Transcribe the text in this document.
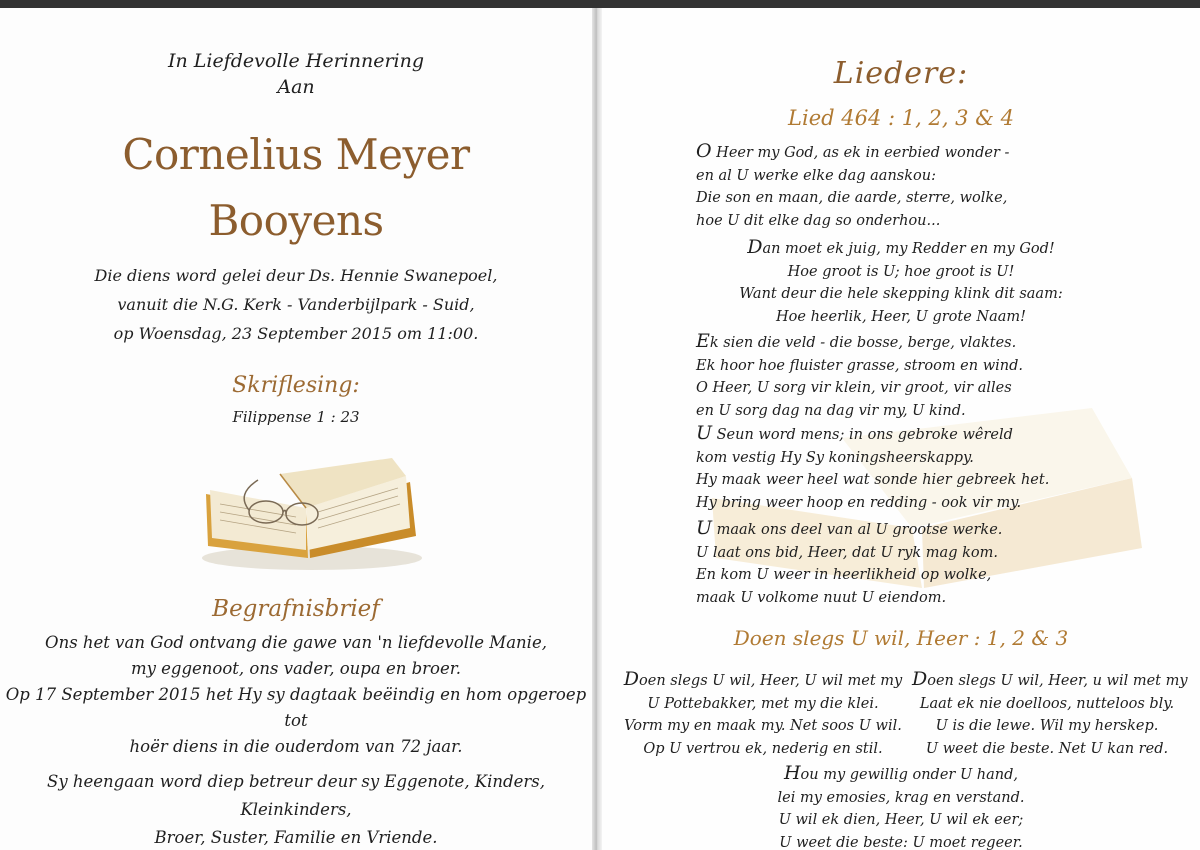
In Liefdevolle Herinnering
Aan
Cornelius Meyer
Booyens
Die diens word gelei deur Ds. Hennie Swanepoel,
vanuit die N.G. Kerk - Vanderbijlpark - Suid,
op Woensdag, 23 September 2015 om 11:00.
Skriflesing:
Filippense 1 : 23
Begrafnisbrief
Ons het van God ontvang die gawe van 'n liefdevolle Manie,
my eggenoot, ons vader, oupa en broer.
Op 17 September 2015 het Hy sy dagtaak beëindig en hom opgeroep tot
hoër diens in die ouderdom van 72 jaar.
Sy heengaan word diep betreur deur sy Eggenote, Kinders, Kleinkinders,
Broer, Suster, Familie en Vriende.
Liedere:
Lied 464 : 1, 2, 3 & 4
O Heer my God, as ek in eerbied wonder -
en al U werke elke dag aanskou:
Die son en maan, die aarde, sterre, wolke,
hoe U dit elke dag so onderhou...
Dan moet ek juig, my Redder en my God!
Hoe groot is U; hoe groot is U!
Want deur die hele skepping klink dit saam:
Hoe heerlik, Heer, U grote Naam!
Ek sien die veld - die bosse, berge, vlaktes.
Ek hoor hoe fluister grasse, stroom en wind.
O Heer, U sorg vir klein, vir groot, vir alles
en U sorg dag na dag vir my, U kind.
U Seun word mens; in ons gebroke wêreld
kom vestig Hy Sy koningsheerskappy.
Hy maak weer heel wat sonde hier gebreek het.
Hy bring weer hoop en redding - ook vir my.
U maak ons deel van al U grootse werke.
U laat ons bid, Heer, dat U ryk mag kom.
En kom U weer in heerlikheid op wolke,
maak U volkome nuut U eiendom.
Doen slegs U wil, Heer : 1, 2 & 3
Doen slegs U wil, Heer, U wil met my
U Pottebakker, met my die klei.
Vorm my en maak my. Net soos U wil.
Op U vertrou ek, nederig en stil.
Doen slegs U wil, Heer, u wil met my
Laat ek nie doelloos, nutteloos bly.
U is die lewe. Wil my herskep.
U weet die beste. Net U kan red.
Hou my gewillig onder U hand,
lei my emosies, krag en verstand.
U wil ek dien, Heer, U wil ek eer;
U weet die beste: U moet regeer.
